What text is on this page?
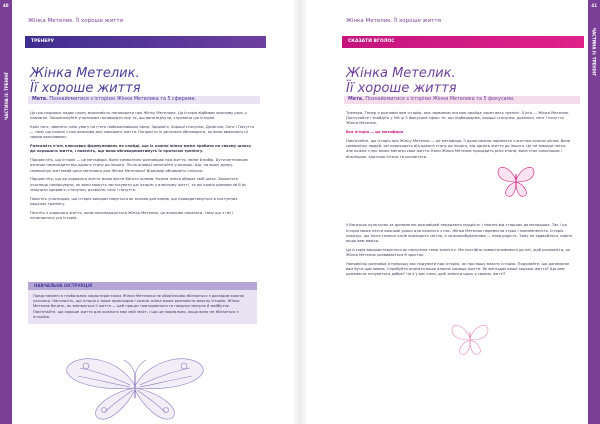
40
ЧАСТИНА ІІ: ТРЕНІНГ
Жінка Метелик. Її хороше життя
ТРЕНЕРУ
Жінка Метелик.
Її хороше життя
Мета. Познайомитися з історією Жінки Метелика та 5 сферами.

Ця гра-подорож надає гарну можливість поговорити про Жінку Метелика. Ця історія відбиває важливу роль у навчанні. Запропонуйте учасникам поговорити про те, що вони відчули, слухаючи цю історію.

Крім того, зверніть їхню увагу на п'ять найважливіших сфер: Здоров'я, Хороші стосунки, Дозвілля, Сенс і Почуття — тому що кожна з них важлива для хорошого життя. Попросіть їх детально обговорити, як вони вважають ці сфери важливими.

Розкажіть п'ять ключових формулювань на слайді, що їх кожна жінка може зробити на своєму шляху до хорошого життя, і поясніть, що вони обговорюватимуть їх протягом тренінгу.

Підкресліть, що історія — це метафора. Вона символічно розповідає про життя, зміни й вибір. Бути метеликом означає переходити від одного стану до іншого. Після оповіді запитайте учасниць: Що, на вашу думку, символізує життєвий цикл метелика для Жінки Метелика? Відповіді обговоріть спільно.

Підкресліть, що до хорошого життя може вести багато шляхів. Кожна жінка обирає свій шлях. Заохотьте учасниць поміркувати, як вони можуть застосувати цю історію у власному житті, та які кроки допомогли б їм зміцнити здоров'я, стосунки, дозвілля, сенс і почуття.

Поясніть учасницям, що історія використовується як основа для вправ, що проводитимуться в наступних модулях тренінгу.

Почніть з хорошого життя, яким насолоджується Жінка Метелик, це важливо показати, тому що з неї і починається уся історія.

НАВЧАЛЬНА ІНСТРУКЦІЯ
Представлені в глобальних характеристиках Жінки Метелика не обов'язково збігаються з досвідом кожної учасниці. Наголосіть, що історія є лише прикладом і кожна жінка може розповісти власну історію. Жінка Метелик бачить, як змінюється її життя — цей процес повторюється та поєднує минуле й майбутнє. Пам'ятайте, що хороше життя для кожного має свій зміст, і що це нормально, якщо воно не збігається з історією.
41
ЧАСТИНА ІІ: ТРЕНІНГ
Жінка Метелик. Її хороше життя
СКАЗАТИ ВГОЛОС
Жінка Метелик.
Її хороше життя
Мета. Познайомитися з історією Жінки Метелика та 5 фокусами.

Тренери. Тепер я розповім вам історію, яка червоною ниткою пройде через весь тренінг. Її ім'я — Жінка Метелик. Послухайте і знайдіть у ній ці 5 фокусних сфер: те, що підбадьорює, хороші стосунки, дозвілля, сенс і почуття Жінки Метелик.

Вся історія — це метафора

Пам'ятайте, що історія про Жінку Метелик — це метафора. Її долю можна порівняти з життям кожної жінки. Вона символізує людей, які переходять від одного стану до іншого, від одного життя до іншого. Це не завжди легко, але кожна з нас може змінити своє життя. Коли Жінка Метелик проходить різні етапи, вона стає сильнішою і вільнішою, здатною літати та розквітати.

У багатьох культурах за допомогою розповідей передають мудрість і знання від старших до молодших. Так і ця історія може нести важливі уроки для кожного з нас. Жінка Метелик перемогла страх і невпевненість. Історія показує, що після темних часів приходить світло, а за випробуваннями — нова радість. Тому не здавайтеся, навіть якщо вам важко.

Ця історія використовується як наскрізна тема тренінгу. Ми постійно повертатимемося до неї, щоб розповісти, як Жінка Метелик розвивається й зростає.

Наприкінці розповіді я попрошу вас подумати про історію, як про вашу власну історію. Подумайте, що допомагає вам бути щасливою. Спробуйте описати ваше власне хороше життя. Як виглядає ваше хороше життя? Що вам допомагає почуватися добре? Чи є у вас сили, щоб змінити щось у своєму житті?
